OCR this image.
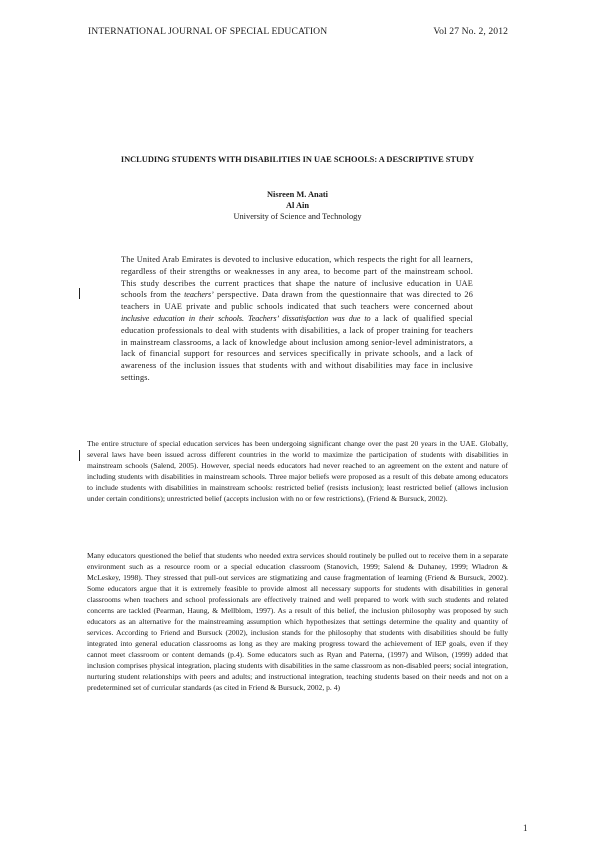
INTERNATIONAL JOURNAL OF SPECIAL EDUCATION	Vol 27 No. 2, 2012
INCLUDING STUDENTS WITH DISABILITIES IN UAE SCHOOLS: A DESCRIPTIVE STUDY
Nisreen M. Anati
Al Ain
University of Science and Technology
The United Arab Emirates is devoted to inclusive education, which respects the right for all learners, regardless of their strengths or weaknesses in any area, to become part of the mainstream school. This study describes the current practices that shape the nature of inclusive education in UAE schools from the teachers’ perspective. Data drawn from the questionnaire that was directed to 26 teachers in UAE private and public schools indicated that such teachers were concerned about inclusive education in their schools. Teachers’ dissatisfaction was due to a lack of qualified special education professionals to deal with students with disabilities, a lack of proper training for teachers in mainstream classrooms, a lack of knowledge about inclusion among senior-level administrators, a lack of financial support for resources and services specifically in private schools, and a lack of awareness of the inclusion issues that students with and without disabilities may face in inclusive settings.
The entire structure of special education services has been undergoing significant change over the past 20 years in the UAE. Globally, several laws have been issued across different countries in the world to maximize the participation of students with disabilities in mainstream schools (Salend, 2005). However, special needs educators had never reached to an agreement on the extent and nature of including students with disabilities in mainstream schools. Three major beliefs were proposed as a result of this debate among educators to include students with disabilities in mainstream schools: restricted belief (resists inclusion); least restricted belief (allows inclusion under certain conditions); unrestricted belief (accepts inclusion with no or few restrictions), (Friend & Bursuck, 2002).
Many educators questioned the belief that students who needed extra services should routinely be pulled out to receive them in a separate environment such as a resource room or a special education classroom (Stanovich, 1999; Salend & Duhaney, 1999; Wladron & McLeskey, 1998). They stressed that pull-out services are stigmatizing and cause fragmentation of learning (Friend & Bursuck, 2002). Some educators argue that it is extremely feasible to provide almost all necessary supports for students with disabilities in general classrooms when teachers and school professionals are effectively trained and well prepared to work with such students and related concerns are tackled (Pearman, Haung, & Mellblom, 1997). As a result of this belief, the inclusion philosophy was proposed by such educators as an alternative for the mainstreaming assumption which hypothesizes that settings determine the quality and quantity of services. According to Friend and Bursuck (2002), inclusion stands for the philosophy that students with disabilities should be fully integrated into general education classrooms as long as they are making progress toward the achievement of IEP goals, even if they cannot meet classroom or content demands (p.4). Some educators such as Ryan and Paterna, (1997) and Wilson, (1999) added that inclusion comprises physical integration, placing students with disabilities in the same classroom as non-disabled peers; social integration, nurturing student relationships with peers and adults; and instructional integration, teaching students based on their needs and not on a predetermined set of curricular standards (as cited in Friend & Bursuck, 2002, p. 4)
1
